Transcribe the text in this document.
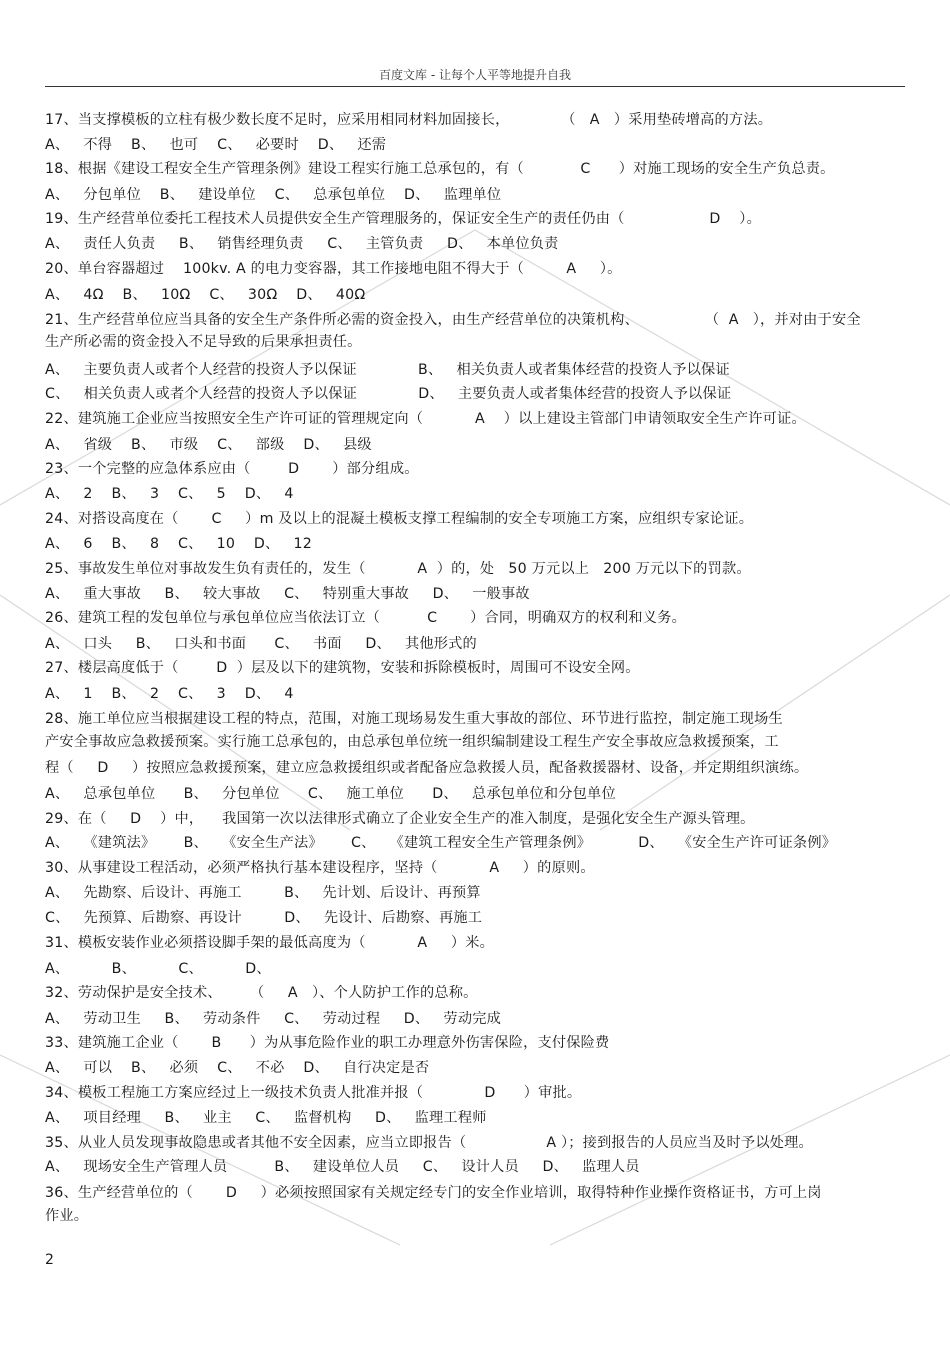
百度文库 - 让每个人平等地提升自我
17、当支撑模板的立柱有极少数长度不足时，应采用相同材料加固接长，           （   A   ）采用垫砖增高的方法。
A、   不得    B、   也可    C、   必要时    D、   还需
18、根据《建设工程安全生产管理条例》建设工程实行施工总承包的，有（            C      ）对施工现场的安全生产负总责。
A、   分包单位    B、   建设单位    C、   总承包单位    D、   监理单位
19、生产经营单位委托工程技术人员提供安全生产管理服务的，保证安全生产的责任仍由（                  D    ）。
A、   责任人负责     B、   销售经理负责     C、   主管负责     D、   本单位负责
20、单台容器超过    100kv. A 的电力变容器，其工作接地电阻不得大于（         A     ）。
A、   4Ω    B、   10Ω    C、   30Ω    D、   40Ω
21、生产经营单位应当具备的安全生产条件所必需的资金投入，由生产经营单位的决策机构、              （  A   ），并对由于安全
生产所必需的资金投入不足导致的后果承担责任。
A、   主要负责人或者个人经营的投资人予以保证             B、   相关负责人或者集体经营的投资人予以保证
C、   相关负责人或者个人经营的投资人予以保证             D、   主要负责人或者集体经营的投资人予以保证
22、建筑施工企业应当按照安全生产许可证的管理规定向（           A    ）以上建设主管部门申请领取安全生产许可证。
A、   省级    B、   市级    C、   部级    D、   县级
23、一个完整的应急体系应由（        D       ）部分组成。
A、   2    B、   3    C、   5    D、   4
24、对搭设高度在（       C     ）m 及以上的混凝土模板支撑工程编制的安全专项施工方案，应组织专家论证。
A、   6    B、   8    C、   10    D、   12
25、事故发生单位对事故发生负有责任的，发生（           A  ）的，处   50 万元以上   200 万元以下的罚款。
A、   重大事故     B、   较大事故     C、   特别重大事故     D、   一般事故
26、建筑工程的发包单位与承包单位应当依法订立（          C       ）合同，明确双方的权利和义务。
A、   口头     B、   口头和书面      C、   书面     D、   其他形式的
27、楼层高度低于（        D  ）层及以下的建筑物，安装和拆除模板时，周围可不设安全网。
A、   1    B、   2    C、   3    D、   4
28、施工单位应当根据建设工程的特点，范围，对施工现场易发生重大事故的部位、环节进行监控，制定施工现场生
产安全事故应急救援预案。实行施工总承包的，由总承包单位统一组织编制建设工程生产安全事故应急救援预案，工
程（     D     ）按照应急救援预案，建立应急救援组织或者配备应急救援人员，配备救援器材、设备，并定期组织演练。
A、   总承包单位      B、   分包单位      C、   施工单位      D、   总承包单位和分包单位
29、在（     D    ）中，    我国第一次以法律形式确立了企业安全生产的准入制度，是强化安全生产源头管理。
A、   《建筑法》      B、   《安全生产法》      C、   《建筑工程安全生产管理条例》          D、   《安全生产许可证条例》
30、从事建设工程活动，必须严格执行基本建设程序，坚持（           A     ）的原则。
A、   先勘察、后设计、再施工         B、   先计划、后设计、再预算
C、   先预算、后勘察、再设计         D、   先设计、后勘察、再施工
31、模板安装作业必须搭设脚手架的最低高度为（           A     ）米。
A、         B、         C、         D、
32、劳动保护是安全技术、      （     A   ）、个人防护工作的总称。
A、   劳动卫生     B、   劳动条件     C、   劳动过程     D、   劳动完成
33、建筑施工企业（       B      ）为从事危险作业的职工办理意外伤害保险，支付保险费
A、   可以    B、   必须    C、   不必    D、   自行决定是否
34、模板工程施工方案应经过上一级技术负责人批准并报（             D      ）审批。
A、   项目经理     B、   业主     C、   监督机构     D、   监理工程师
35、从业人员发现事故隐患或者其他不安全因素，应当立即报告（                 A ）；接到报告的人员应当及时予以处理。
A、   现场安全生产管理人员          B、   建设单位人员     C、   设计人员     D、   监理人员
36、生产经营单位的（       D     ）必须按照国家有关规定经专门的安全作业培训，取得特种作业操作资格证书，方可上岗
作业。
2
